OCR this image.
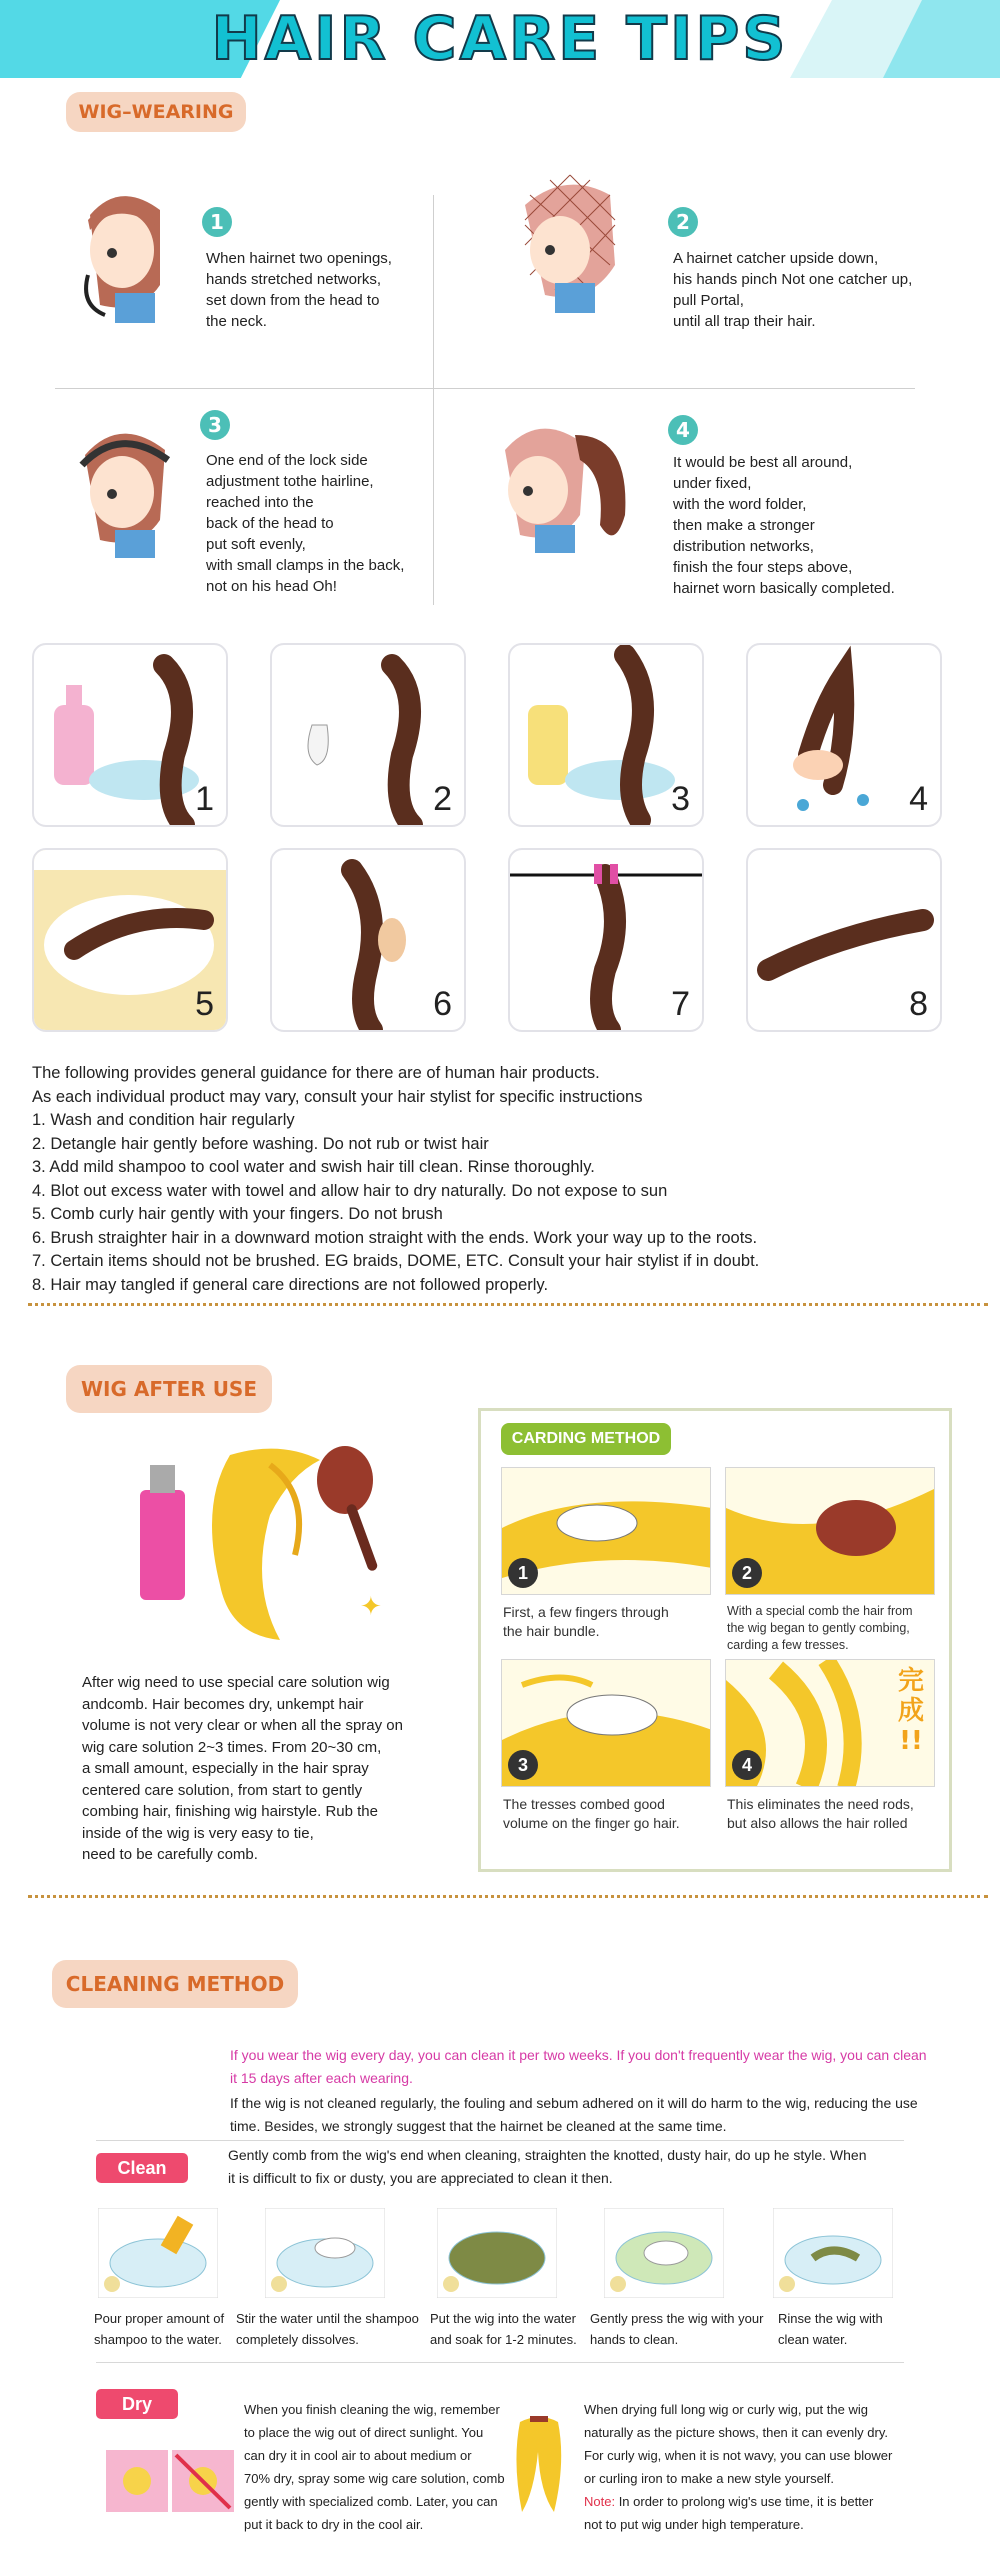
HAIR CARE TIPS
WIG–WEARING
1
When hairnet two openings,
hands stretched networks,
set down from the head to
the neck.
2
A hairnet catcher upside down,
his hands pinch Not one catcher up,
pull Portal,
until all trap their hair.
3
One end of the lock side
adjustment tothe hairline,
reached into the
back of the head to
put soft evenly,
with small clamps in the back,
not on his head Oh!
4
It would be best all around,
under fixed,
with the word folder,
then make a stronger
distribution networks,
finish the four steps above,
hairnet worn basically completed.
1	2	3	4
5	6	7	8
The following provides general guidance for there are of human hair products.
As each individual product may vary, consult your hair stylist for specific instructions
1. Wash and condition hair regularly
2. Detangle hair gently before washing. Do not rub or twist hair
3. Add mild shampoo to cool water and swish hair till clean. Rinse thoroughly.
4. Blot out excess water with towel and allow hair to dry naturally. Do not expose to sun
5. Comb curly hair gently with your fingers. Do not brush
6. Brush straighter hair in a downward motion straight with the ends. Work your way up to the roots.
7. Certain items should not be brushed. EG braids, DOME, ETC. Consult your hair stylist if in doubt.
8. Hair may tangled if general care directions are not followed properly.
WIG AFTER USE
✦
After wig need to use special care solution wig
andcomb. Hair becomes dry, unkempt hair
volume is not very clear or when all the spray on
wig care solution 2~3 times. From 20~30 cm,
a small amount, especially in the hair spray
centered care solution, from start to gently
combing hair, finishing wig hairstyle. Rub the
inside of the wig is very easy to tie,
need to be carefully comb.
CARDING METHOD
1
First, a few fingers through
the hair bundle.
2
With a special comb the hair from
the wig began to gently combing,
carding a few tresses.
3
The tresses combed good
volume on the finger go hair.
完
成
!!
4
This eliminates the need rods,
but also allows the hair rolled
CLEANING METHOD
If you wear the wig every day, you can clean it per two weeks. If you don't frequently wear the wig, you can clean it 15 days after each wearing.
If the wig is not cleaned regularly, the fouling and sebum adhered on it will do harm to the wig, reducing the use time. Besides, we strongly suggest that the hairnet be cleaned at the same time.
Clean
Gently comb from the wig's end when cleaning, straighten the knotted, dusty hair, do up he style. When it is difficult to fix or dusty, you are appreciated to clean it then.
Pour proper amount of
shampoo to the water.
Stir the water until the shampoo
completely dissolves.
Put the wig into the water
and soak for 1-2 minutes.
Gently press the wig with your
hands to clean.
Rinse the wig with
clean water.
Dry	When you finish cleaning the wig, remember
to place the wig out of direct sunlight. You
can dry it in cool air to about medium or
70% dry, spray some wig care solution, comb
gently with specialized comb. Later, you can
put it back to dry in the cool air.
When drying full long wig or curly wig, put the wig
naturally as the picture shows, then it can evenly dry.
For curly wig, when it is not wavy, you can use blower
or curling iron to make a new style yourself.
Note: In order to prolong wig's use time, it is better
not to put wig under high temperature.
